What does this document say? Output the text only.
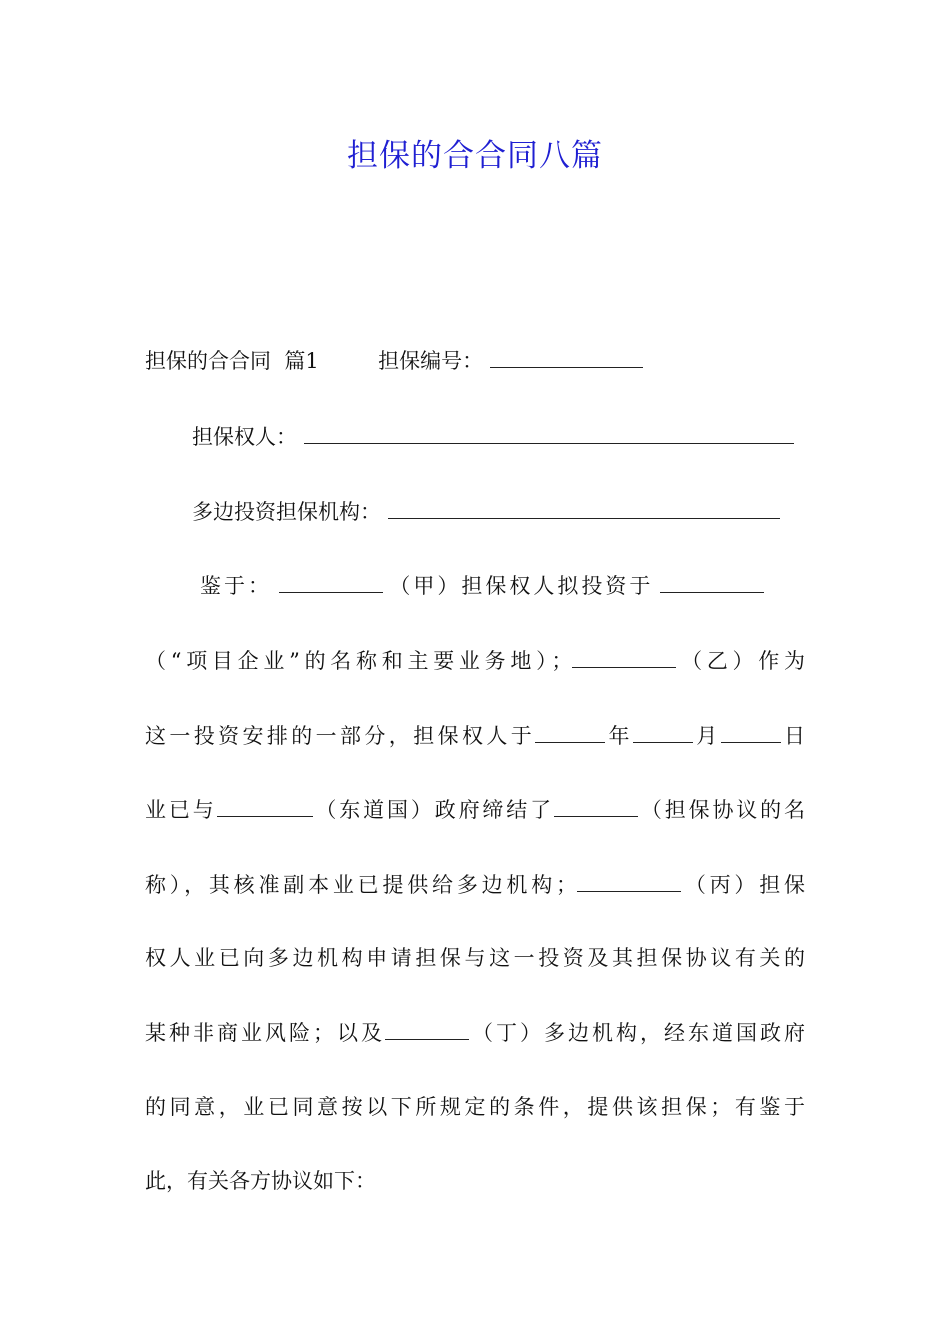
担保的合合同八篇
担保的合合同  篇1	担保编号：
担保权人：
多边投资担保机构：
鉴于：	（甲）担保权人拟投资于
（“项目企业”的名称和主要业务地）；	（乙）作为
这一投资安排的一部分，担保权人于	年	月	日
业已与	（东道国）政府缔结了	（担保协议的名
称），其核准副本业已提供给多边机构；	（丙）担保
权人业已向多边机构申请担保与这一投资及其担保协议有关的
某种非商业风险；以及	（丁）多边机构，经东道国政府
的同意，业已同意按以下所规定的条件，提供该担保；有鉴于
此，有关各方协议如下：
